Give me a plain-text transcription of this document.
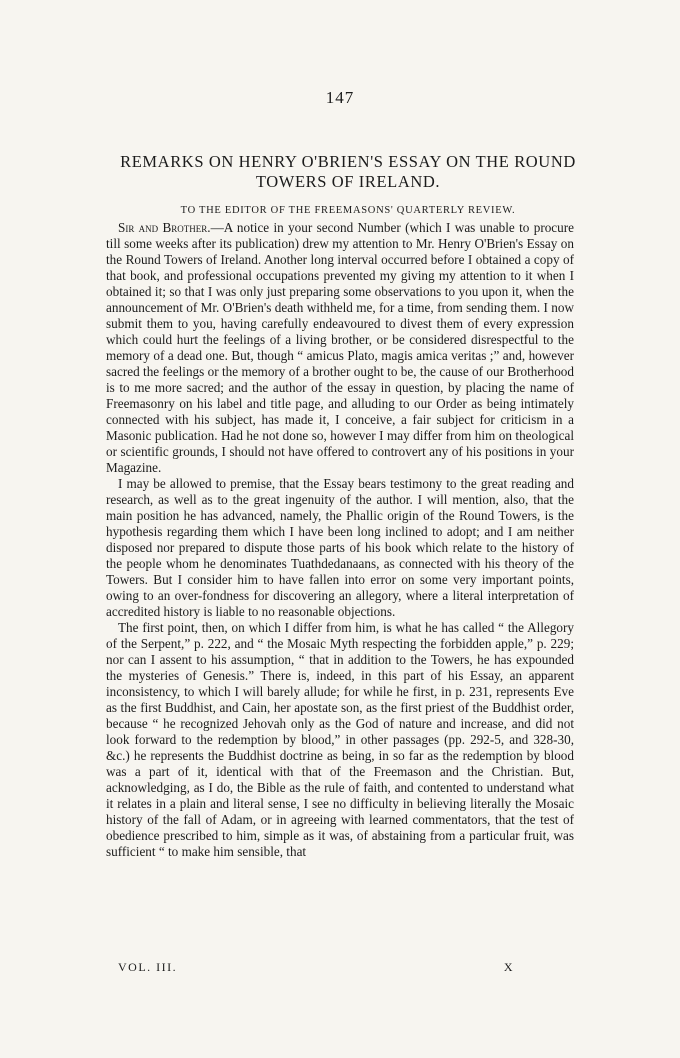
147
REMARKS ON HENRY O'BRIEN'S ESSAY ON THE ROUND TOWERS OF IRELAND.
TO THE EDITOR OF THE FREEMASONS' QUARTERLY REVIEW.

Sir and Brother.—A notice in your second Number (which I was unable to procure till some weeks after its publication) drew my attention to Mr. Henry O'Brien's Essay on the Round Towers of Ireland. Another long interval occurred before I obtained a copy of that book, and professional occupations prevented my giving my attention to it when I obtained it; so that I was only just preparing some observations to you upon it, when the announcement of Mr. O'Brien's death withheld me, for a time, from sending them. I now submit them to you, having carefully endeavoured to divest them of every expression which could hurt the feelings of a living brother, or be considered disrespectful to the memory of a dead one. But, though “ amicus Plato, magis amica veritas ;” and, however sacred the feelings or the memory of a brother ought to be, the cause of our Brotherhood is to me more sacred; and the author of the essay in question, by placing the name of Freemasonry on his label and title page, and alluding to our Order as being intimately connected with his subject, has made it, I conceive, a fair subject for criticism in a Masonic publication. Had he not done so, however I may differ from him on theological or scientific grounds, I should not have offered to controvert any of his positions in your Magazine.

I may be allowed to premise, that the Essay bears testimony to the great reading and research, as well as to the great ingenuity of the author. I will mention, also, that the main position he has advanced, namely, the Phallic origin of the Round Towers, is the hypothesis regarding them which I have been long inclined to adopt; and I am neither disposed nor prepared to dispute those parts of his book which relate to the history of the people whom he denominates Tuathdedanaans, as connected with his theory of the Towers. But I consider him to have fallen into error on some very important points, owing to an over-fondness for discovering an allegory, where a literal interpretation of accredited history is liable to no reasonable objections.

The first point, then, on which I differ from him, is what he has called “ the Allegory of the Serpent,” p. 222, and “ the Mosaic Myth respecting the forbidden apple,” p. 229; nor can I assent to his assumption, “ that in addition to the Towers, he has expounded the mysteries of Genesis.” There is, indeed, in this part of his Essay, an apparent inconsistency, to which I will barely allude; for while he first, in p. 231, represents Eve as the first Buddhist, and Cain, her apostate son, as the first priest of the Buddhist order, because “ he recognized Jehovah only as the God of nature and increase, and did not look forward to the redemption by blood,” in other passages (pp. 292-5, and 328-30, &c.) he represents the Buddhist doctrine as being, in so far as the redemption by blood was a part of it, identical with that of the Freemason and the Christian. But, acknowledging, as I do, the Bible as the rule of faith, and contented to understand what it relates in a plain and literal sense, I see no difficulty in believing literally the Mosaic history of the fall of Adam, or in agreeing with learned commentators, that the test of obedience prescribed to him, simple as it was, of abstaining from a particular fruit, was sufficient “ to make him sensible, that

VOL. III.	X
